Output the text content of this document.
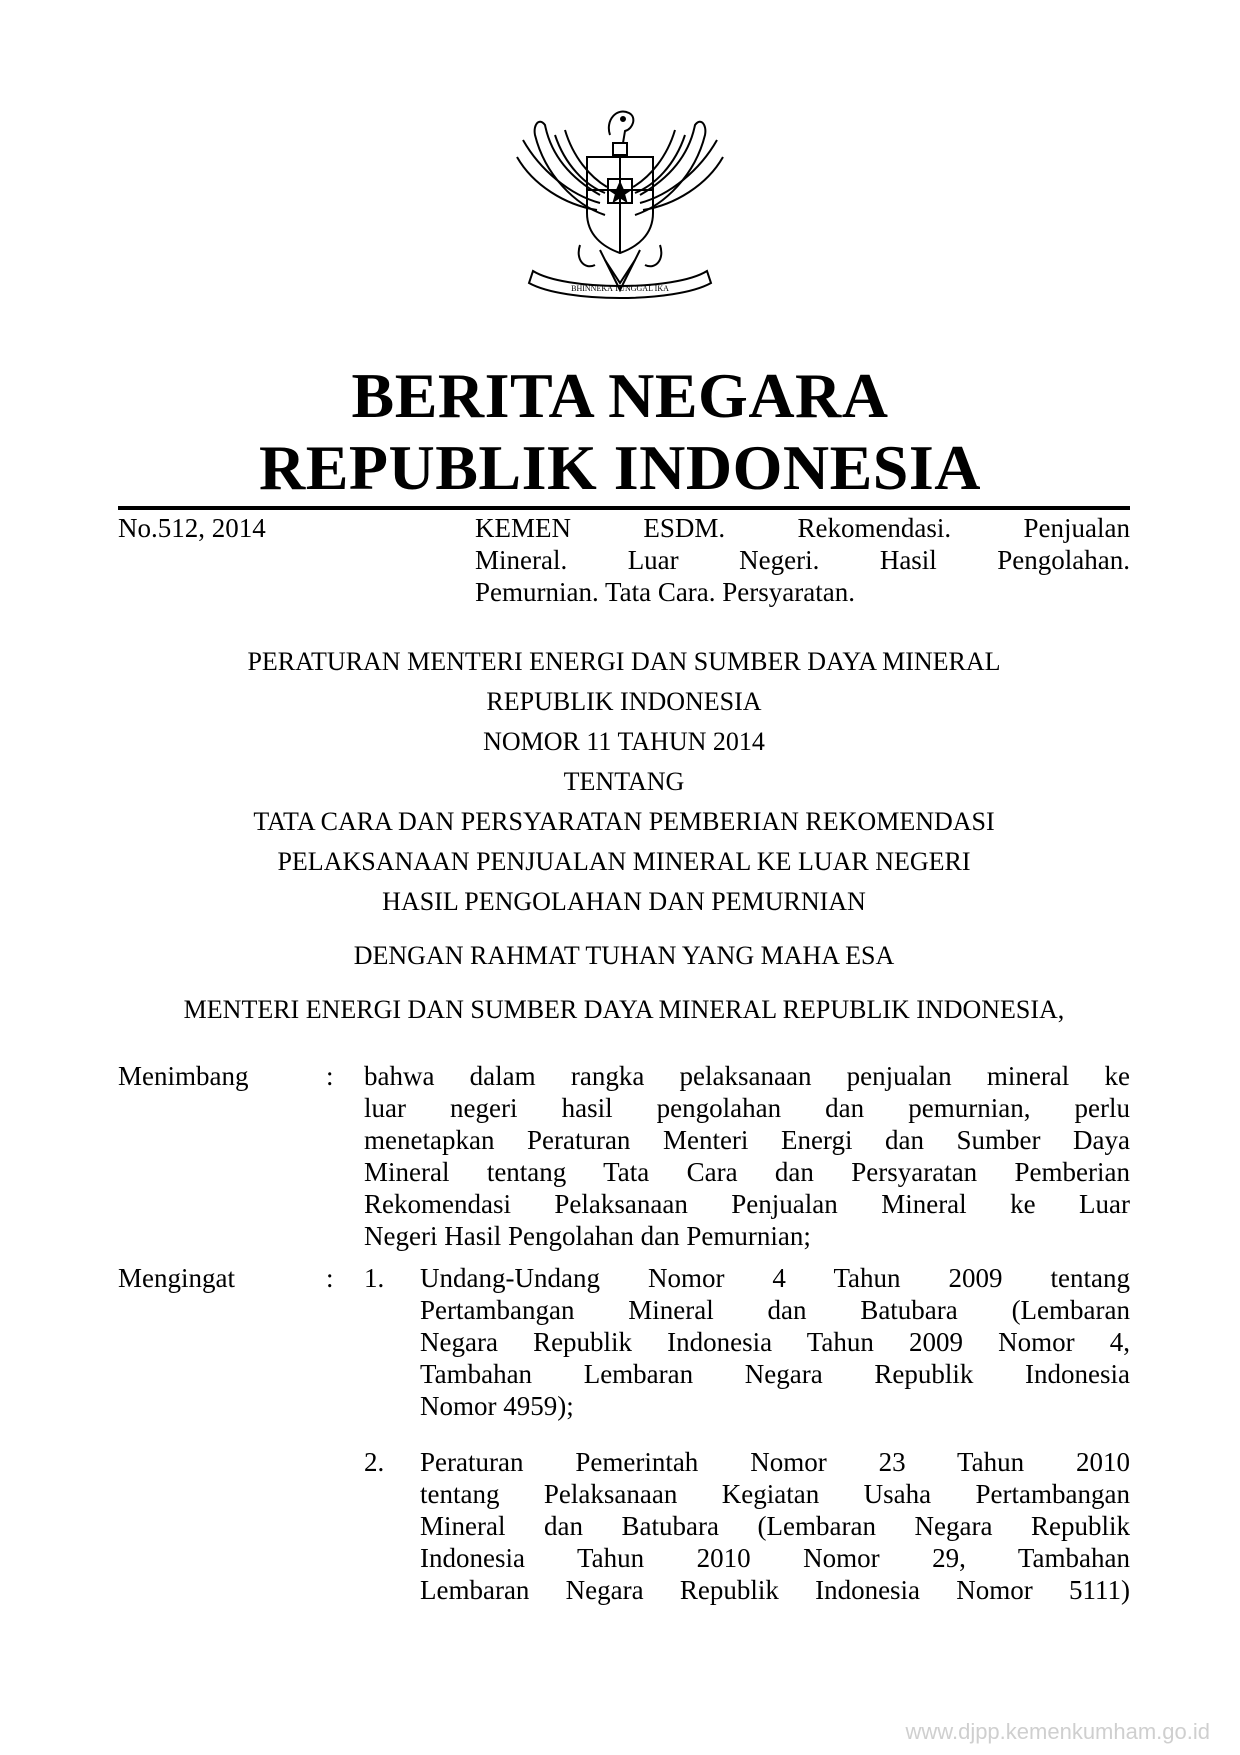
BHINNEKA TUNGGAL IKA
BERITA NEGARA
REPUBLIK INDONESIA
No.512, 2014	KEMEN ESDM. Rekomendasi. Penjualan
Mineral. Luar Negeri. Hasil Pengolahan.
Pemurnian. Tata Cara. Persyaratan.
PERATURAN MENTERI ENERGI DAN SUMBER DAYA MINERAL
REPUBLIK INDONESIA
NOMOR 11 TAHUN 2014
TENTANG
TATA CARA DAN PERSYARATAN PEMBERIAN REKOMENDASI
PELAKSANAAN PENJUALAN MINERAL KE LUAR NEGERI
HASIL PENGOLAHAN DAN PEMURNIAN
DENGAN RAHMAT TUHAN YANG MAHA ESA
MENTERI ENERGI DAN SUMBER DAYA MINERAL REPUBLIK INDONESIA,
Menimbang	: bahwa dalam rangka pelaksanaan penjualan mineral ke
luar negeri hasil pengolahan dan pemurnian, perlu
menetapkan Peraturan Menteri Energi dan Sumber Daya
Mineral tentang Tata Cara dan Persyaratan Pemberian
Rekomendasi Pelaksanaan Penjualan Mineral ke Luar
Negeri Hasil Pengolahan dan Pemurnian;
Mengingat	: 1. Undang-Undang Nomor 4 Tahun 2009 tentang
Pertambangan Mineral dan Batubara (Lembaran
Negara Republik Indonesia Tahun 2009 Nomor 4,
Tambahan Lembaran Negara Republik Indonesia
Nomor 4959);
2. Peraturan Pemerintah Nomor 23 Tahun 2010
tentang Pelaksanaan Kegiatan Usaha Pertambangan
Mineral dan Batubara (Lembaran Negara Republik
Indonesia Tahun 2010 Nomor 29, Tambahan
Lembaran Negara Republik Indonesia Nomor 5111)
www.djpp.kemenkumham.go.id
